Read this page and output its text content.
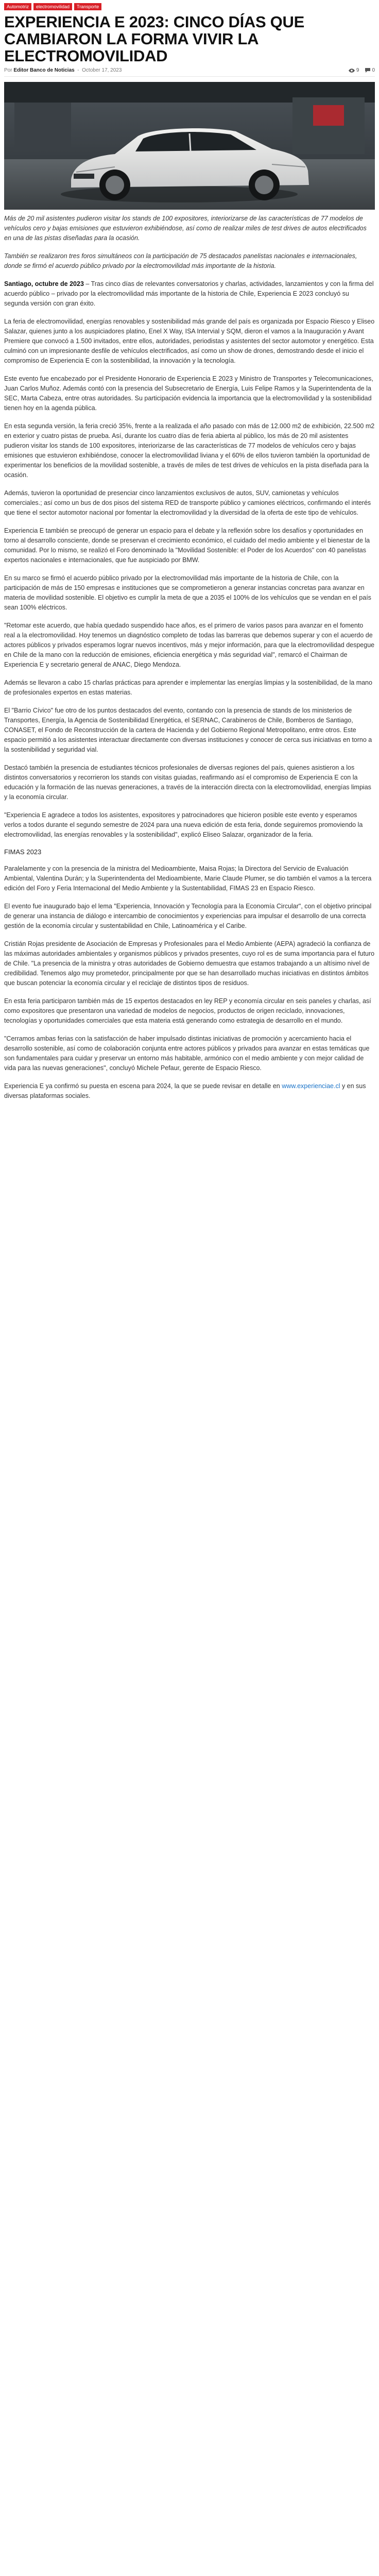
Automotriz	electromovilidad	Transporte
EXPERIENCIA E 2023: CINCO DÍAS QUE CAMBIARON LA FORMA VIVIR LA ELECTROMOVILIDAD
Por Editor Banco de Noticias  -  October 17, 2023	9	0

Más de 20 mil asistentes pudieron visitar los stands de 100 expositores, interiorizarse de las características de 77 modelos de vehículos cero y bajas emisiones que estuvieron exhibiéndose, así como de realizar miles de test drives de autos electrificados en una de las pistas diseñadas para la ocasión.

También se realizaron tres foros simultáneos con la participación de 75 destacados panelistas nacionales e internacionales, donde se firmó el acuerdo público privado por la electromovilidad más importante de la historia.

Santiago, octubre de 2023 – Tras cinco días de relevantes conversatorios y charlas, actividades, lanzamientos y con la firma del acuerdo público – privado por la electromovilidad más importante de la historia de Chile, Experiencia E 2023 concluyó su segunda versión con gran éxito.

La feria de electromovilidad, energías renovables y sostenibilidad más grande del país es organizada por Espacio Riesco y Eliseo Salazar, quienes junto a los auspiciadores platino, Enel X Way, ISA Intervial y SQM, dieron el vamos a la Inauguración y Avant Premiere que convocó a 1.500 invitados, entre ellos, autoridades, periodistas y asistentes del sector automotor y energético. Esta culminó con un impresionante desfile de vehículos electrificados, así como un show de drones, demostrando desde el inicio el compromiso de Experiencia E con la sostenibilidad, la innovación y la tecnología.

Este evento fue encabezado por el Presidente Honorario de Experiencia E 2023 y Ministro de Transportes y Telecomunicaciones, Juan Carlos Muñoz. Además contó con la presencia del Subsecretario de Energía, Luis Felipe Ramos y la Superintendenta de la SEC, Marta Cabeza, entre otras autoridades. Su participación evidencia la importancia que la electromovilidad y la sostenibilidad tienen hoy en la agenda pública.

En esta segunda versión, la feria creció 35%, frente a la realizada el año pasado con más de 12.000 m2 de exhibición, 22.500 m2 en exterior y cuatro pistas de prueba. Así, durante los cuatro días de feria abierta al público, los más de 20 mil asistentes pudieron visitar los stands de 100 expositores, interiorizarse de las características de 77 modelos de vehículos cero y bajas emisiones que estuvieron exhibiéndose, conocer la electromovilidad liviana y el 60% de ellos tuvieron también la oportunidad de experimentar los beneficios de la movilidad sostenible, a través de miles de test drives de vehículos en la pista diseñada para la ocasión.

Además, tuvieron la oportunidad de presenciar cinco lanzamientos exclusivos de autos, SUV, camionetas y vehículos comerciales.; así como un bus de dos pisos del sistema RED de transporte público y camiones eléctricos, confirmando el interés que tiene el sector automotor nacional por fomentar la electromovilidad y la diversidad de la oferta de este tipo de vehículos.

Experiencia E también se preocupó de generar un espacio para el debate y la reflexión sobre los desafíos y oportunidades en torno al desarrollo consciente, donde se preservan el crecimiento económico, el cuidado del medio ambiente y el bienestar de la comunidad. Por lo mismo, se realizó el Foro denominado la "Movilidad Sostenible: el Poder de los Acuerdos" con 40 panelistas expertos nacionales e internacionales, que fue auspiciado por BMW.

En su marco se firmó el acuerdo público privado por la electromovilidad más importante de la historia de Chile, con la participación de más de 150 empresas e instituciones que se comprometieron a generar instancias concretas para avanzar en materia de movilidad sostenible. El objetivo es cumplir la meta de que a 2035 el 100% de los vehículos que se vendan en el país sean 100% eléctricos.

"Retomar este acuerdo, que había quedado suspendido hace años, es el primero de varios pasos para avanzar en el fomento real a la electromovilidad. Hoy tenemos un diagnóstico completo de todas las barreras que debemos superar y con el acuerdo de actores públicos y privados esperamos lograr nuevos incentivos, más y mejor información, para que la electromovilidad despegue en Chile de la mano con la reducción de emisiones, eficiencia energética y más seguridad vial", remarcó el Chairman de Experiencia E y secretario general de ANAC, Diego Mendoza.

Además se llevaron a cabo 15 charlas prácticas para aprender e implementar las energías limpias y la sostenibilidad, de la mano de profesionales expertos en estas materias.

El "Barrio Cívico" fue otro de los puntos destacados del evento, contando con la presencia de stands de los ministerios de Transportes, Energía, la Agencia de Sostenibilidad Energética, el SERNAC, Carabineros de Chile, Bomberos de Santiago, CONASET, el Fondo de Reconstrucción de la cartera de Hacienda y del Gobierno Regional Metropolitano, entre otros. Este espacio permitió a los asistentes interactuar directamente con diversas instituciones y conocer de cerca sus iniciativas en torno a la sostenibilidad y seguridad vial.

Destacó también la presencia de estudiantes técnicos profesionales de diversas regiones del país, quienes asistieron a los distintos conversatorios y recorrieron los stands con visitas guiadas, reafirmando así el compromiso de Experiencia E con la educación y la formación de las nuevas generaciones, a través de la interacción directa con la electromovilidad, energías limpias y la economía circular.

"Experiencia E agradece a todos los asistentes, expositores y patrocinadores que hicieron posible este evento y esperamos verlos a todos durante el segundo semestre de 2024 para una nueva edición de esta feria, donde seguiremos promoviendo la electromovilidad, las energías renovables y la sostenibilidad", explicó Eliseo Salazar, organizador de la feria.

FIMAS 2023

Paralelamente y con la presencia de la ministra del Medioambiente, Maisa Rojas; la Directora del Servicio de Evaluación Ambiental, Valentina Durán; y la Superintendenta del Medioambiente, Marie Claude Plumer, se dio también el vamos a la tercera edición del Foro y Feria Internacional del Medio Ambiente y la Sustentabilidad, FIMAS 23 en Espacio Riesco.

El evento fue inaugurado bajo el lema "Experiencia, Innovación y Tecnología para la Economía Circular", con el objetivo principal de generar una instancia de diálogo e intercambio de conocimientos y experiencias para impulsar el desarrollo de una correcta gestión de la economía circular y sustentabilidad en Chile, Latinoamérica y el Caribe.

Cristián Rojas presidente de Asociación de Empresas y Profesionales para el Medio Ambiente (AEPA) agradeció la confianza de las máximas autoridades ambientales y organismos públicos y privados presentes, cuyo rol es de suma importancia para el futuro de Chile. "La presencia de la ministra y otras autoridades de Gobierno demuestra que estamos trabajando a un altísimo nivel de credibilidad. Tenemos algo muy prometedor, principalmente por que se han desarrollado muchas iniciativas en distintos ámbitos que buscan potenciar la economía circular y el reciclaje de distintos tipos de residuos.

En esta feria participaron también más de 15 expertos destacados en ley REP y economía circular en seis paneles y charlas, así como expositores que presentaron una variedad de modelos de negocios, productos de origen reciclado, innovaciones, tecnologías y oportunidades comerciales que esta materia está generando como estrategia de desarrollo en el mundo.

"Cerramos ambas ferias con la satisfacción de haber impulsado distintas iniciativas de promoción y acercamiento hacia el desarrollo sostenible, así como de colaboración conjunta entre actores públicos y privados para avanzar en estas temáticas que son fundamentales para cuidar y preservar un entorno más habitable, armónico con el medio ambiente y con mejor calidad de vida para las nuevas generaciones", concluyó Michele Pefaur, gerente de Espacio Riesco.

Experiencia E ya confirmó su puesta en escena para 2024, la que se puede revisar en detalle en www.experienciae.cl y en sus diversas plataformas sociales.
